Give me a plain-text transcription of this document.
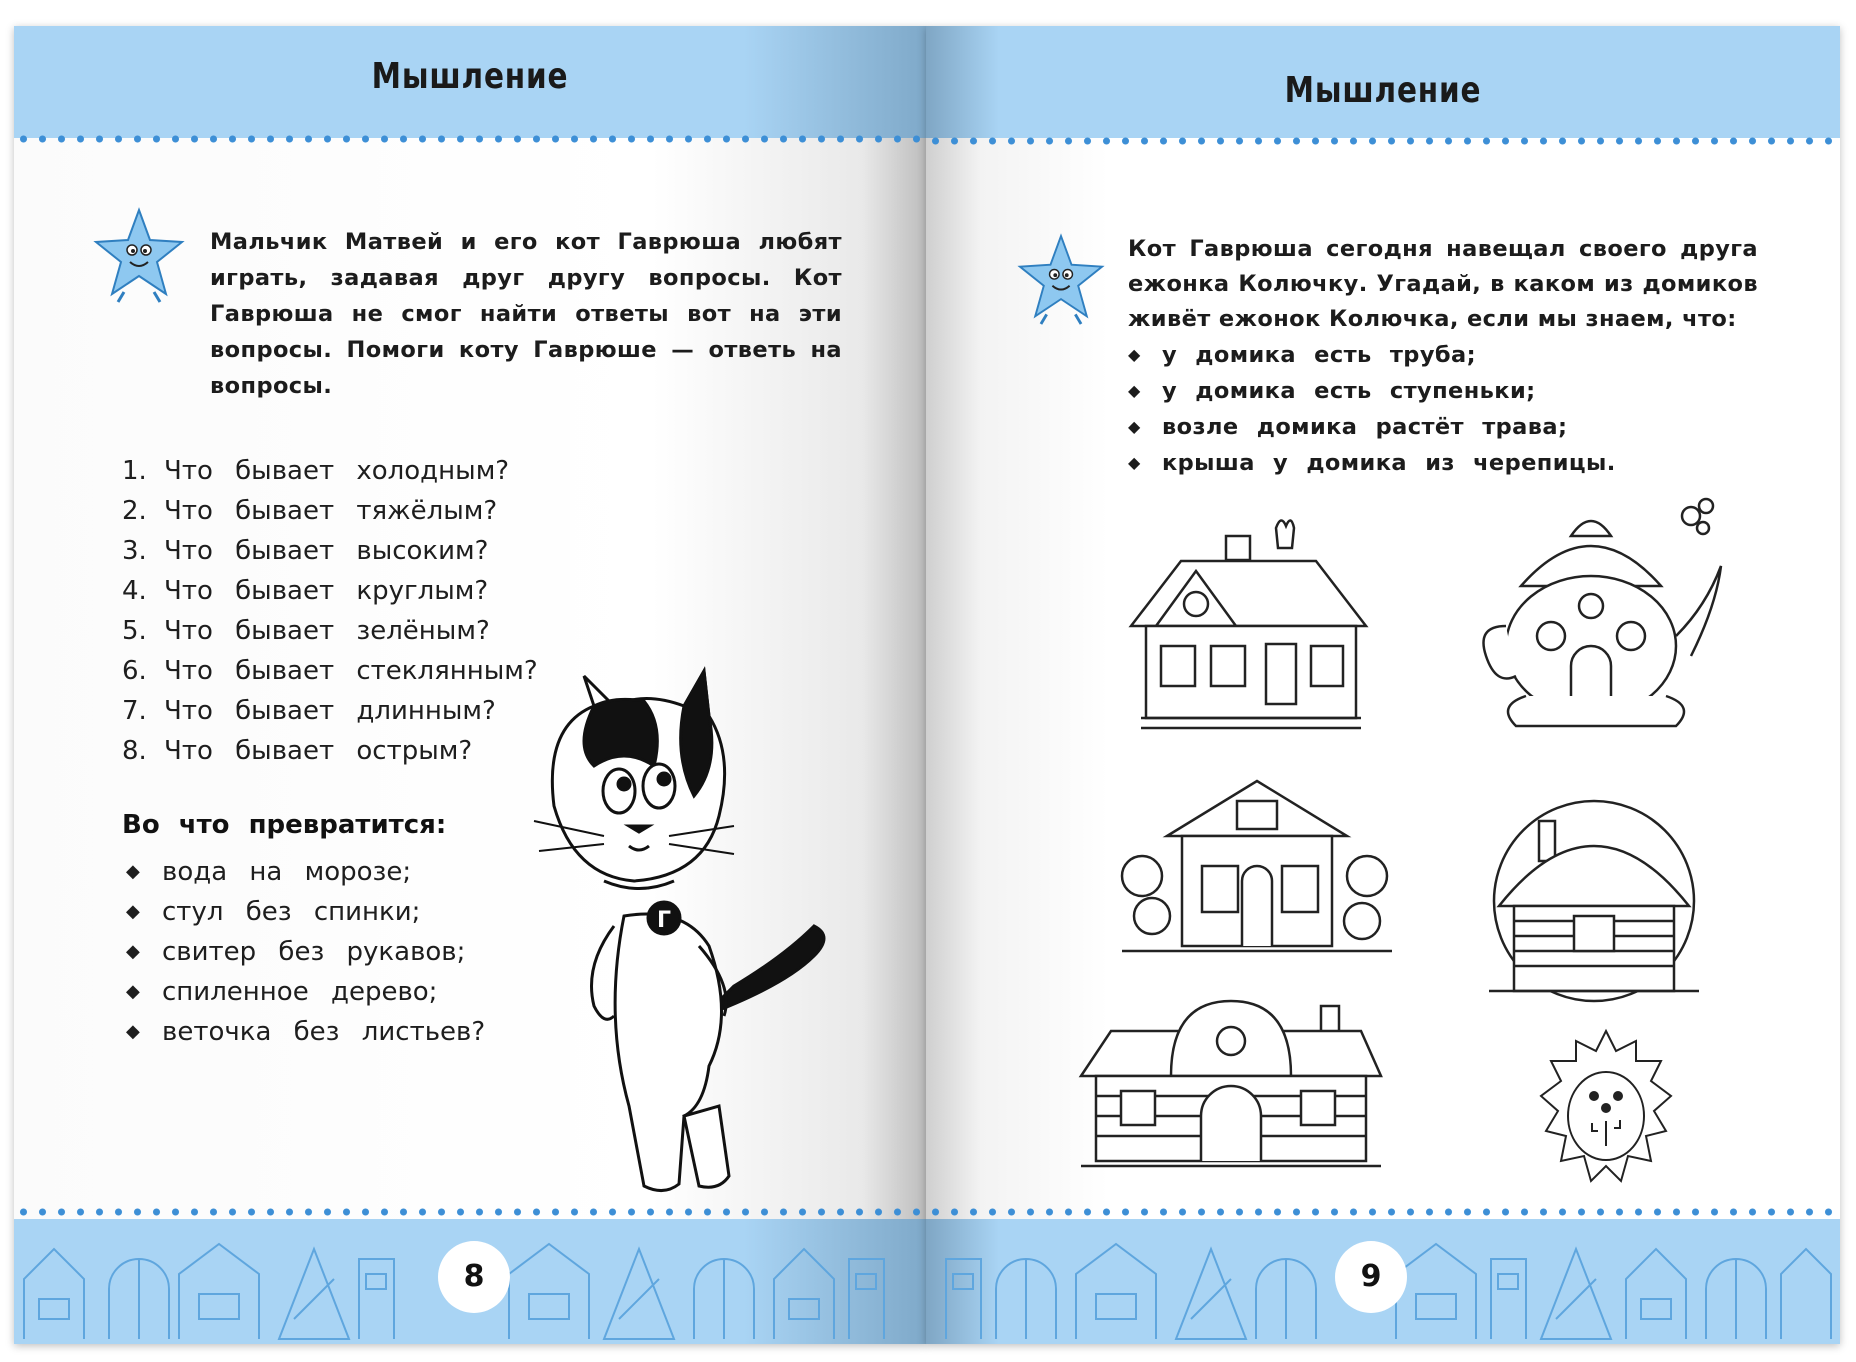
Мышление
Мальчик Матвей и его кот Гаврюша любят играть, задавая друг другу вопросы. Кот Гаврюша не смог найти ответы вот на эти вопросы. Помоги коту Гаврюше — ответь на вопросы.
1. Что бывает холодным?
2. Что бывает тяжёлым?
3. Что бывает высоким?
4. Что бывает круглым?
5. Что бывает зелёным?
6. Что бывает стеклянным?
7. Что бывает длинным?
8. Что бывает острым?
Во что превратится:
◆ вода на морозе;
◆ стул без спинки;
◆ свитер без рукавов;
◆ спиленное дерево;
◆ веточка без листьев?
Г
8
Мышление
Кот Гаврюша сегодня навещал своего друга ежонка Колючку. Угадай, в каком из домиков живёт ежонок Колючка, если мы знаем, что:
◆ у домика есть труба;
◆ у домика есть ступеньки;
◆ возле домика растёт трава;
◆ крыша у домика из черепицы.
9
